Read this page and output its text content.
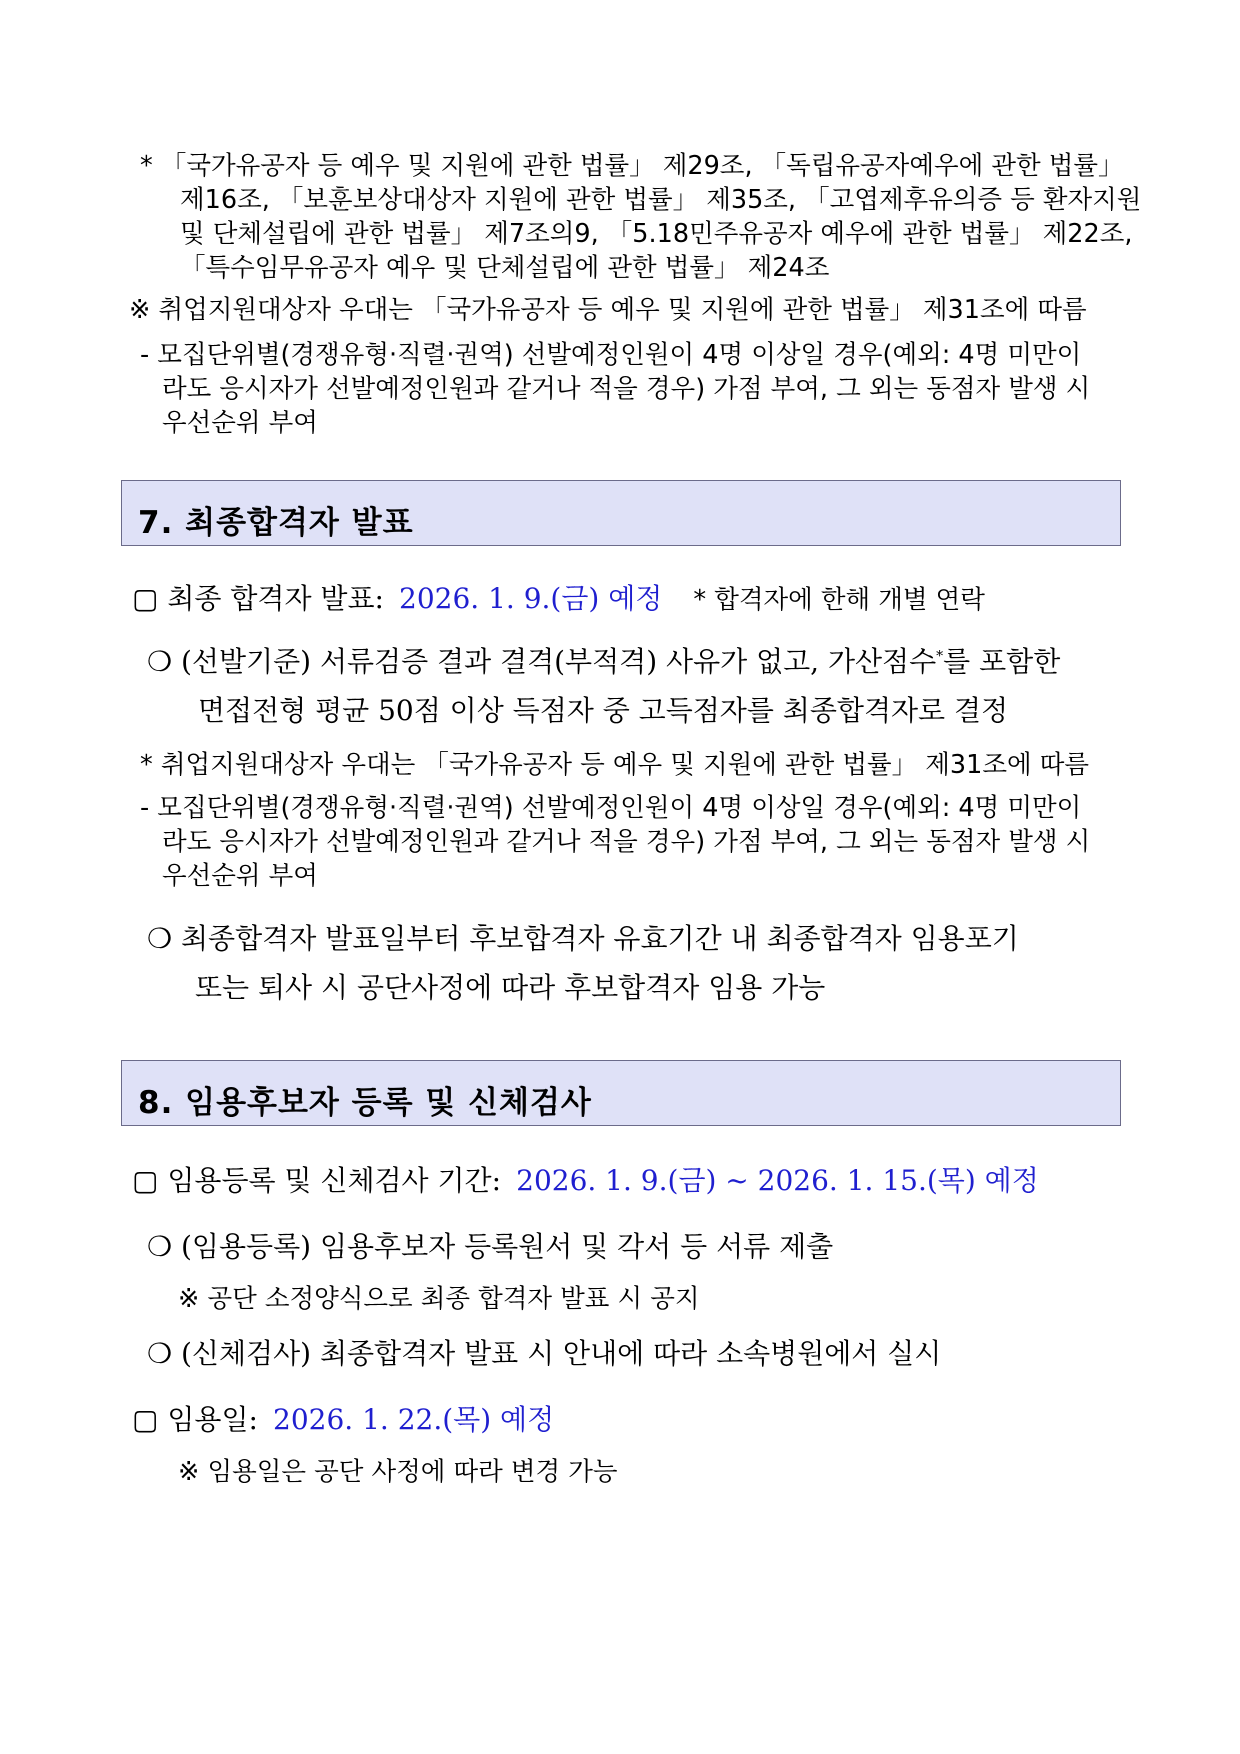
* 「국가유공자 등 예우 및 지원에 관한 법률」 제29조, 「독립유공자예우에 관한 법률」
제16조, 「보훈보상대상자 지원에 관한 법률」 제35조, 「고엽제후유의증 등 환자지원
및 단체설립에 관한 법률」 제7조의9, 「5.18민주유공자 예우에 관한 법률」 제22조,
「특수임무유공자 예우 및 단체설립에 관한 법률」 제24조
※ 취업지원대상자 우대는 「국가유공자 등 예우 및 지원에 관한 법률」 제31조에 따름
- 모집단위별(경쟁유형·직렬·권역) 선발예정인원이 4명 이상일 경우(예외: 4명 미만이
라도 응시자가 선발예정인원과 같거나 적을 경우) 가점 부여, 그 외는 동점자 발생 시
우선순위 부여
7. 최종합격자 발표
▢ 최종 합격자 발표: 2026. 1. 9.(금) 예정 * 합격자에 한해 개별 연락
❍ (선발기준) 서류검증 결과 결격(부적격) 사유가 없고, 가산점수*를 포함한
면접전형 평균 50점 이상 득점자 중 고득점자를 최종합격자로 결정
* 취업지원대상자 우대는 「국가유공자 등 예우 및 지원에 관한 법률」 제31조에 따름
- 모집단위별(경쟁유형·직렬·권역) 선발예정인원이 4명 이상일 경우(예외: 4명 미만이
라도 응시자가 선발예정인원과 같거나 적을 경우) 가점 부여, 그 외는 동점자 발생 시
우선순위 부여
❍ 최종합격자 발표일부터 후보합격자 유효기간 내 최종합격자 임용포기
또는 퇴사 시 공단사정에 따라 후보합격자 임용 가능
8. 임용후보자 등록 및 신체검사
▢ 임용등록 및 신체검사 기간: 2026. 1. 9.(금) ~ 2026. 1. 15.(목) 예정
❍ (임용등록) 임용후보자 등록원서 및 각서 등 서류 제출
※ 공단 소정양식으로 최종 합격자 발표 시 공지
❍ (신체검사) 최종합격자 발표 시 안내에 따라 소속병원에서 실시
▢ 임용일: 2026. 1. 22.(목) 예정
※ 임용일은 공단 사정에 따라 변경 가능
